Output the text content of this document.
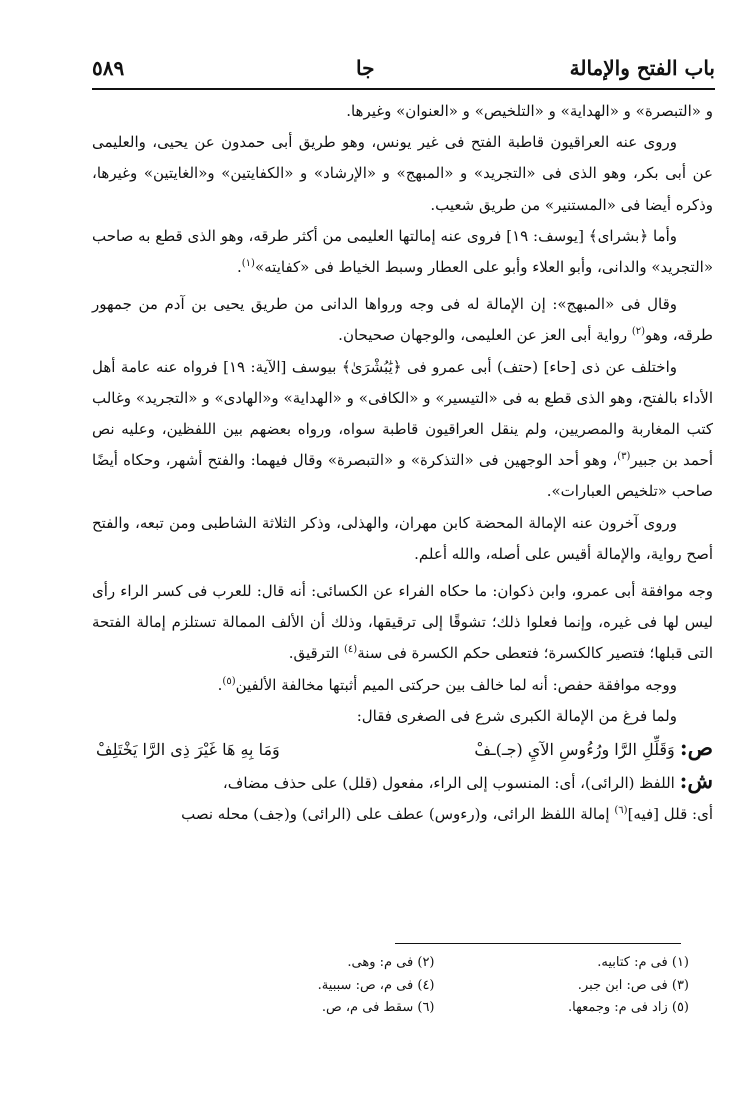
باب الفتح والإمالة
جا
٥٨٩

و «التبصرة» و «الهداية» و «التلخيص» و «العنوان» وغيرها.

وروى عنه العراقيون قاطبة الفتح فى غير يونس، وهو طريق أبى حمدون عن يحيى، والعليمى عن أبى بكر، وهو الذى فى «التجريد» و «المبهج» و «الإرشاد» و «الكفايتين» و«الغايتين» وغيرها، وذكره أيضا فى «المستنير» من طريق شعيب.

وأما ﴿بشراى﴾ [يوسف: ١٩] فروى عنه إمالتها العليمى من أكثر طرقه، وهو الذى قطع به صاحب «التجريد» والدانى، وأبو العلاء وأبو على العطار وسبط الخياط فى «كفايته»$^{(١)}$.

وقال فى «المبهج»: إن الإمالة له فى وجه ورواها الدانى من طريق يحيى بن آدم من جمهور طرقه، وهو$^{(٢)}$ رواية أبى العز عن العليمى، والوجهان صحيحان.

واختلف عن ذى [حاء] (حتف) أبى عمرو فى ﴿يَٰبُشْرَىٰ﴾ بيوسف [الآية: ١٩] فرواه عنه عامة أهل الأداء بالفتح، وهو الذى قطع به فى «التيسير» و «الكافى» و «الهداية» و«الهادى» و «التجريد» وغالب كتب المغاربة والمصريين، ولم ينقل العراقيون قاطبة سواه، ورواه بعضهم بين اللفظين، وعليه نص أحمد بن جبير$^{(٣)}$، وهو أحد الوجهين فى «التذكرة» و «التبصرة» وقال فيهما: والفتح أشهر، وحكاه أيضًا صاحب «تلخيص العبارات».

وروى آخرون عنه الإمالة المحضة كابن مهران، والهذلى، وذكر الثلاثة الشاطبى ومن تبعه، والفتح أصح رواية، والإمالة أقيس على أصله، والله أعلم.

وجه موافقة أبى عمرو، وابن ذكوان: ما حكاه الفراء عن الكسائى: أنه قال: للعرب فى كسر الراء رأى ليس لها فى غيره، وإنما فعلوا ذلك؛ تشوقًا إلى ترقيقها، وذلك أن الألف الممالة تستلزم إمالة الفتحة التى قبلها؛ فتصير كالكسرة؛ فتعطى حكم الكسرة فى سنة$^{(٤)}$ الترقيق.

ووجه موافقة حفص: أنه لما خالف بين حركتى الميم أثبتها مخالفة الألفين$^{(٥)}$.

ولما فرغ من الإمالة الكبرى شرع فى الصغرى فقال:

ص: وَقَلِّلِ الرَّا ورُءُوسِ الآيِ (جـ)ـفْ
وَمَا بِهِ هَا غَيْرَ ذِى الرَّا يَخْتَلِفْ

ش: اللفظ (الرائى)، أى: المنسوب إلى الراء، مفعول (قلل) على حذف مضاف،

أى: قلل [فيه]$^{(٦)}$ إمالة اللفظ الرائى، و(رءوس) عطف على (الرائى) و(جف) محله نصب

(١) فى م: كتابيه.
(٢) فى م: وهى.
(٣) فى ص: ابن جبر.
(٤) فى م، ص: سببية.
(٥) زاد فى م: وجمعها.
(٦) سقط فى م، ص.
